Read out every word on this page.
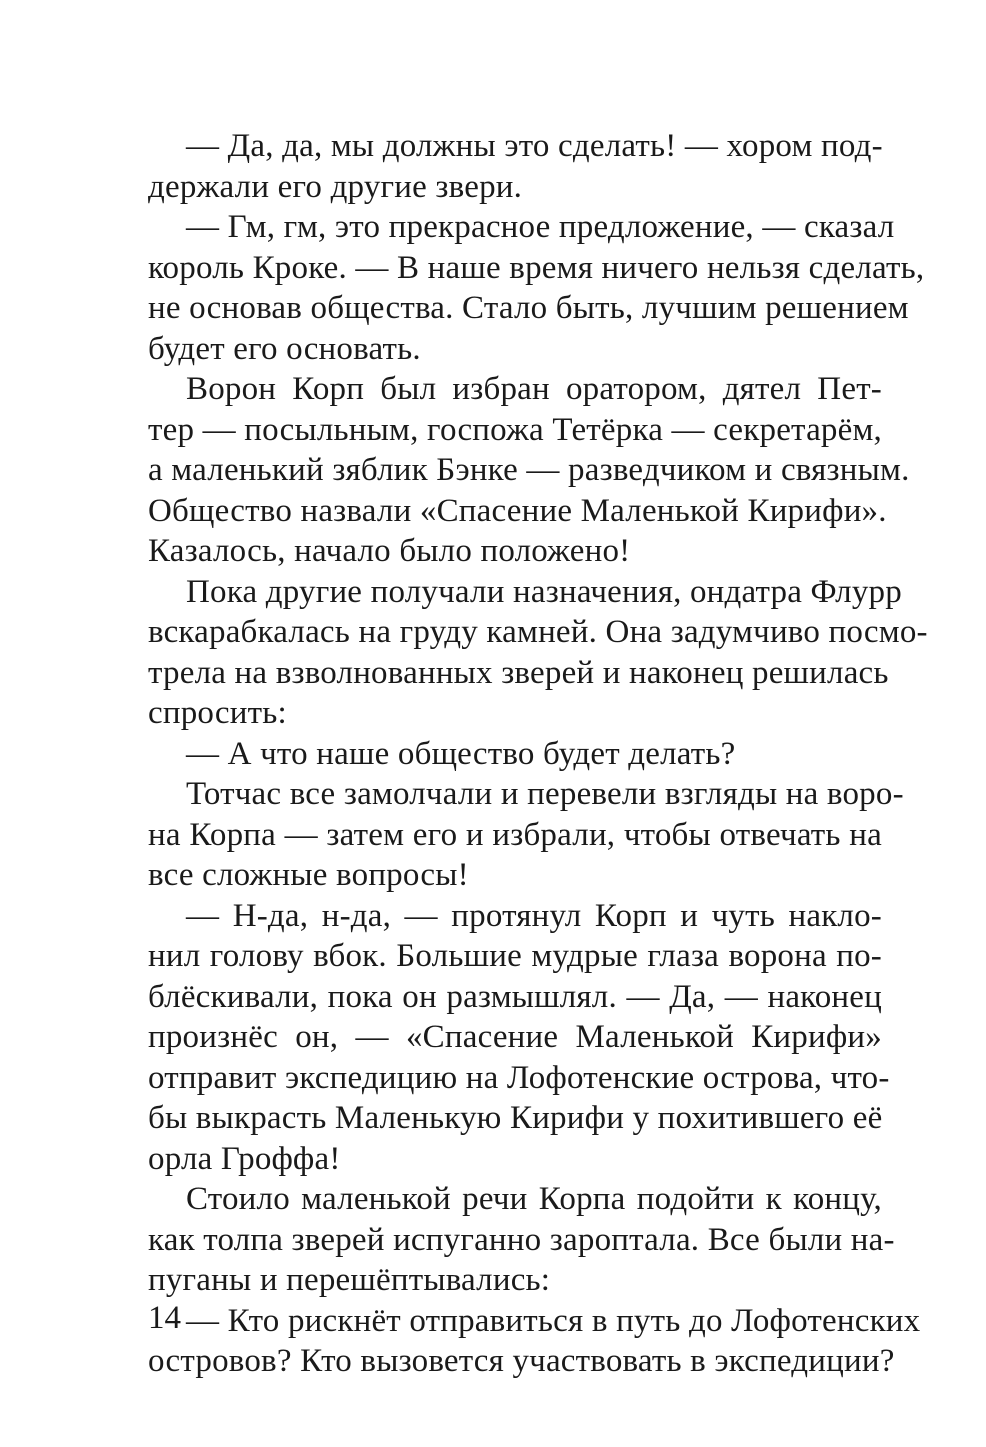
— Да, да, мы должны это сделать! — хором под-
держали его другие звери.
— Гм, гм, это прекрасное предложение, — сказал
король Кроке. — В наше время ничего нельзя сделать,
не основав общества. Стало быть, лучшим решением
будет его основать.
Ворон Корп был избран оратором, дятел Пет-
тер — посыльным, госпожа Тетёрка — секретарём,
а маленький зяблик Бэнке — разведчиком и связным.
Общество назвали «Спасение Маленькой Кирифи».
Казалось, начало было положено!
Пока другие получали назначения, ондатра Флурр
вскарабкалась на груду камней. Она задумчиво посмо-
трела на взволнованных зверей и наконец решилась
спросить:
— А что наше общество будет делать?
Тотчас все замолчали и перевели взгляды на воро-
на Корпа — затем его и избрали, чтобы отвечать на
все сложные вопросы!
— Н-да, н-да, — протянул Корп и чуть накло-
нил голову вбок. Большие мудрые глаза ворона по-
блёскивали, пока он размышлял. — Да, — наконец
произнёс он, — «Спасение Маленькой Кирифи»
отправит экспедицию на Лофотенские острова, что-
бы выкрасть Маленькую Кирифи у похитившего её
орла Гроффа!
Стоило маленькой речи Корпа подойти к концу,
как толпа зверей испуганно зароптала. Все были на-
пуганы и перешёптывались:
— Кто рискнёт отправиться в путь до Лофотенских
островов? Кто вызовется участвовать в экспедиции?
14
